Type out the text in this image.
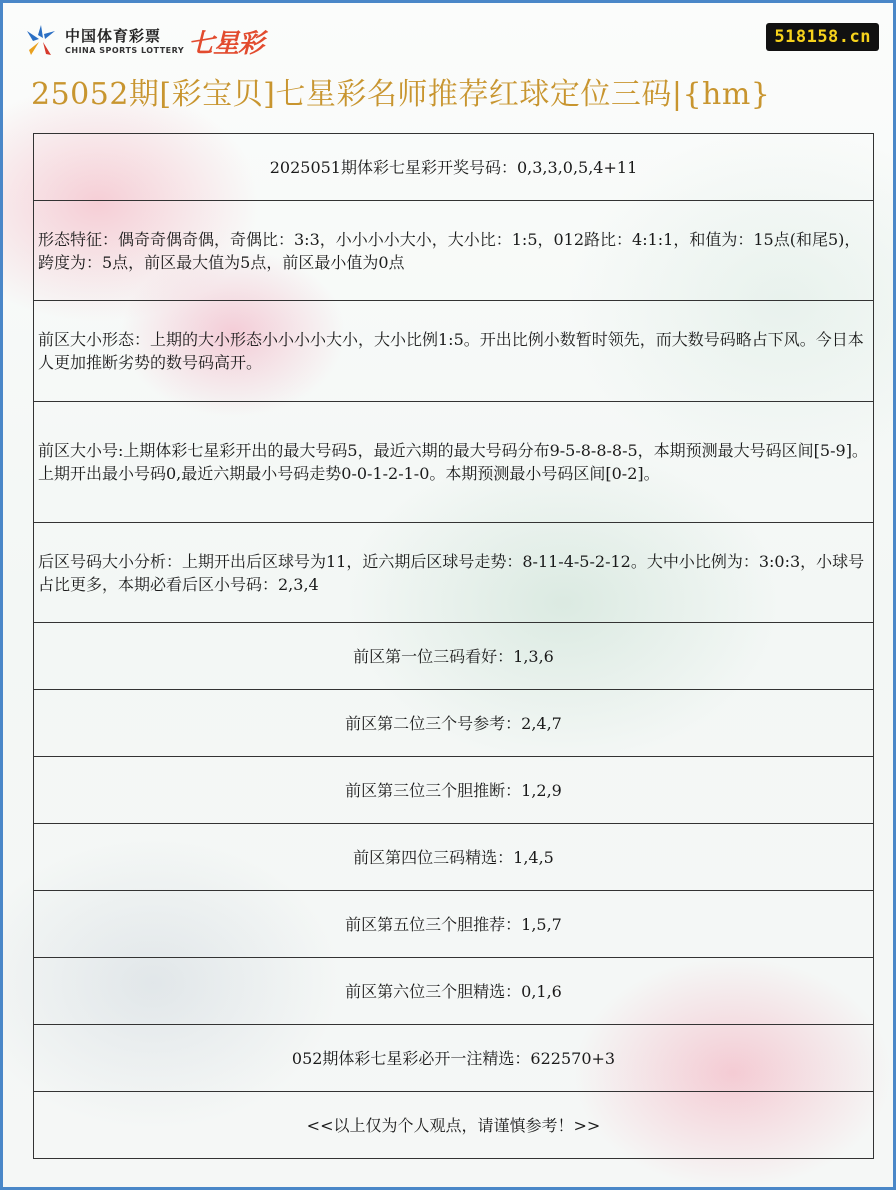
中国体育彩票
CHINA SPORTS LOTTERY 七星彩	518158.cn
25052期[彩宝贝]七星彩名师推荐红球定位三码|{hm}
2025051期体彩七星彩开奖号码：0,3,3,0,5,4+11
形态特征：偶奇奇偶奇偶，奇偶比：3:3，小小小小大小，大小比：1:5，012路比：4:1:1，和值为：15点(和尾5)，跨度为：5点，前区最大值为5点，前区最小值为0点
前区大小形态：上期的大小形态小小小小大小，大小比例1:5。开出比例小数暂时领先，而大数号码略占下风。今日本人更加推断劣势的数号码高开。
前区大小号:上期体彩七星彩开出的最大号码5，最近六期的最大号码分布9-5-8-8-8-5，本期预测最大号码区间[5-9]。上期开出最小号码0,最近六期最小号码走势0-0-1-2-1-0。本期预测最小号码区间[0-2]。
后区号码大小分析：上期开出后区球号为11，近六期后区球号走势：8-11-4-5-2-12。大中小比例为：3:0:3，小球号占比更多，本期必看后区小号码：2,3,4
前区第一位三码看好：1,3,6
前区第二位三个号参考：2,4,7
前区第三位三个胆推断：1,2,9
前区第四位三码精选：1,4,5
前区第五位三个胆推荐：1,5,7
前区第六位三个胆精选：0,1,6
052期体彩七星彩必开一注精选：622570+3
<<以上仅为个人观点，请谨慎参考！>>
